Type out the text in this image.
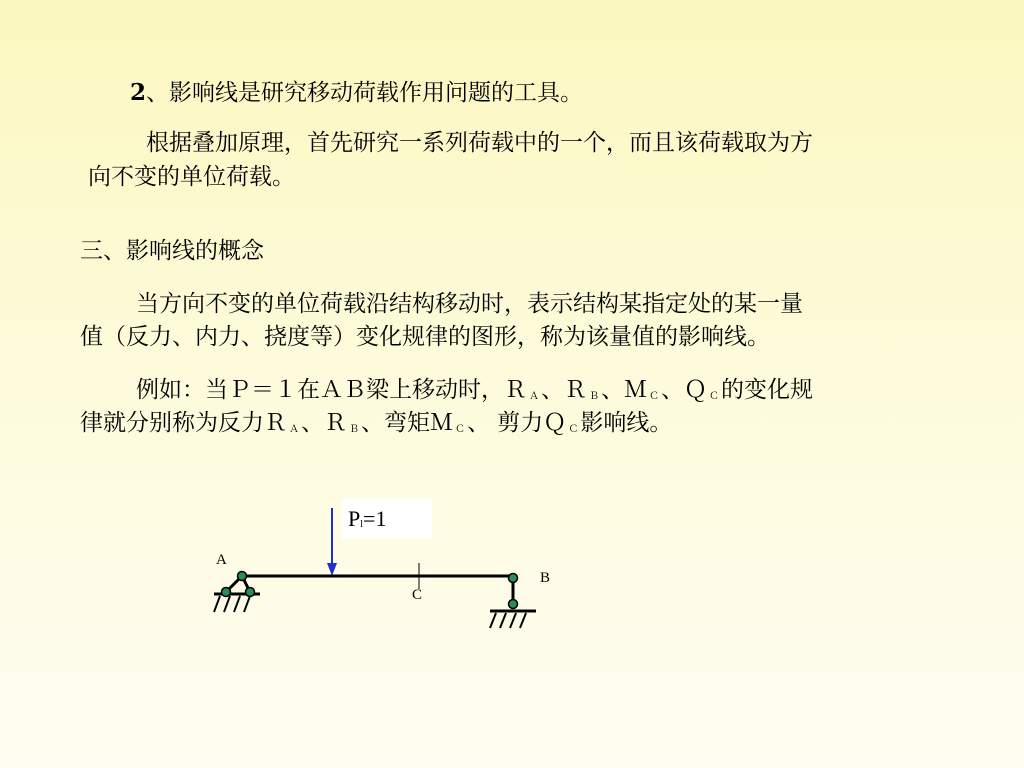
2、影响线是研究移动荷载作用问题的工具。
根据叠加原理，首先研究一系列荷载中的一个，而且该荷载取为方
向不变的单位荷载。
三、影响线的概念
当方向不变的单位荷载沿结构移动时，表示结构某指定处的某一量
值（反力、内力、挠度等）变化规律的图形，称为该量值的影响线。
例如：当Ｐ＝１在ＡＢ梁上移动时，Ｒ $_A$、Ｒ $_B$、Ｍ $_C$、Ｑ $_C$的变化规
律就分别称为反力Ｒ $_A$、Ｒ $_B$、弯矩Ｍ $_C$、 剪力Ｑ $_C$影响线。
$P_l=1$
A
B
C
